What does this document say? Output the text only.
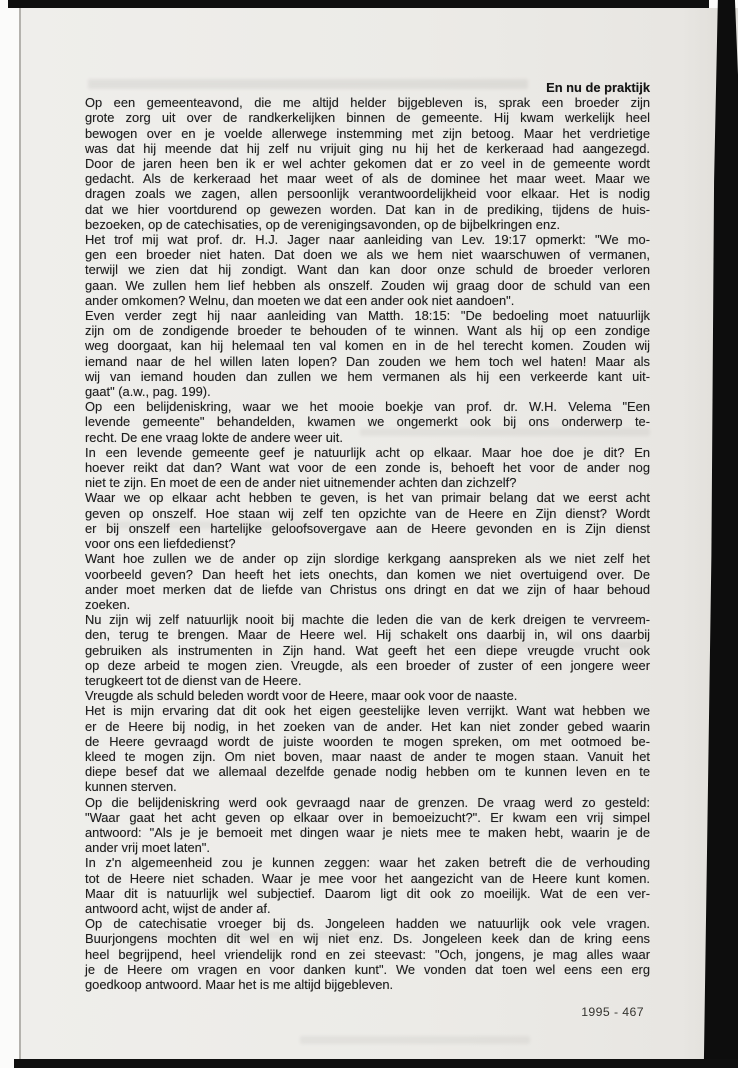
En nu de praktijk
Op een gemeenteavond, die me altijd helder bijgebleven is, sprak een broeder zijn
grote zorg uit over de randkerkelijken binnen de gemeente. Hij kwam werkelijk heel
bewogen over en je voelde allerwege instemming met zijn betoog. Maar het verdrietige
was dat hij meende dat hij zelf nu vrijuit ging nu hij het de kerkeraad had aangezegd.
Door de jaren heen ben ik er wel achter gekomen dat er zo veel in de gemeente wordt
gedacht. Als de kerkeraad het maar weet of als de dominee het maar weet. Maar we
dragen zoals we zagen, allen persoonlijk verantwoordelijkheid voor elkaar. Het is nodig
dat we hier voortdurend op gewezen worden. Dat kan in de prediking, tijdens de huis-
bezoeken, op de catechisaties, op de verenigingsavonden, op de bijbelkringen enz.
Het trof mij wat prof. dr. H.J. Jager naar aanleiding van Lev. 19:17 opmerkt: "We mo-
gen een broeder niet haten. Dat doen we als we hem niet waarschuwen of vermanen,
terwijl we zien dat hij zondigt. Want dan kan door onze schuld de broeder verloren
gaan. We zullen hem lief hebben als onszelf. Zouden wij graag door de schuld van een
ander omkomen? Welnu, dan moeten we dat een ander ook niet aandoen".
Even verder zegt hij naar aanleiding van Matth. 18:15: "De bedoeling moet natuurlijk
zijn om de zondigende broeder te behouden of te winnen. Want als hij op een zondige
weg doorgaat, kan hij helemaal ten val komen en in de hel terecht komen. Zouden wij
iemand naar de hel willen laten lopen? Dan zouden we hem toch wel haten! Maar als
wij van iemand houden dan zullen we hem vermanen als hij een verkeerde kant uit-
gaat" (a.w., pag. 199).
Op een belijdeniskring, waar we het mooie boekje van prof. dr. W.H. Velema "Een
levende gemeente" behandelden, kwamen we ongemerkt ook bij ons onderwerp te-
recht. De ene vraag lokte de andere weer uit.
In een levende gemeente geef je natuurlijk acht op elkaar. Maar hoe doe je dit? En
hoever reikt dat dan? Want wat voor de een zonde is, behoeft het voor de ander nog
niet te zijn. En moet de een de ander niet uitnemender achten dan zichzelf?
Waar we op elkaar acht hebben te geven, is het van primair belang dat we eerst acht
geven op onszelf. Hoe staan wij zelf ten opzichte van de Heere en Zijn dienst? Wordt
er bij onszelf een hartelijke geloofsovergave aan de Heere gevonden en is Zijn dienst
voor ons een liefdedienst?
Want hoe zullen we de ander op zijn slordige kerkgang aanspreken als we niet zelf het
voorbeeld geven? Dan heeft het iets onechts, dan komen we niet overtuigend over. De
ander moet merken dat de liefde van Christus ons dringt en dat we zijn of haar behoud
zoeken.
Nu zijn wij zelf natuurlijk nooit bij machte die leden die van de kerk dreigen te vervreem-
den, terug te brengen. Maar de Heere wel. Hij schakelt ons daarbij in, wil ons daarbij
gebruiken als instrumenten in Zijn hand. Wat geeft het een diepe vreugde vrucht ook
op deze arbeid te mogen zien. Vreugde, als een broeder of zuster of een jongere weer
terugkeert tot de dienst van de Heere.
Vreugde als schuld beleden wordt voor de Heere, maar ook voor de naaste.
Het is mijn ervaring dat dit ook het eigen geestelijke leven verrijkt. Want wat hebben we
er de Heere bij nodig, in het zoeken van de ander. Het kan niet zonder gebed waarin
de Heere gevraagd wordt de juiste woorden te mogen spreken, om met ootmoed be-
kleed te mogen zijn. Om niet boven, maar naast de ander te mogen staan. Vanuit het
diepe besef dat we allemaal dezelfde genade nodig hebben om te kunnen leven en te
kunnen sterven.
Op die belijdeniskring werd ook gevraagd naar de grenzen. De vraag werd zo gesteld:
"Waar gaat het acht geven op elkaar over in bemoeizucht?". Er kwam een vrij simpel
antwoord: "Als je je bemoeit met dingen waar je niets mee te maken hebt, waarin je de
ander vrij moet laten".
In z'n algemeenheid zou je kunnen zeggen: waar het zaken betreft die de verhouding
tot de Heere niet schaden. Waar je mee voor het aangezicht van de Heere kunt komen.
Maar dit is natuurlijk wel subjectief. Daarom ligt dit ook zo moeilijk. Wat de een ver-
antwoord acht, wijst de ander af.
Op de catechisatie vroeger bij ds. Jongeleen hadden we natuurlijk ook vele vragen.
Buurjongens mochten dit wel en wij niet enz. Ds. Jongeleen keek dan de kring eens
heel begrijpend, heel vriendelijk rond en zei steevast: "Och, jongens, je mag alles waar
je de Heere om vragen en voor danken kunt". We vonden dat toen wel eens een erg
goedkoop antwoord. Maar het is me altijd bijgebleven.
1995 - 467
